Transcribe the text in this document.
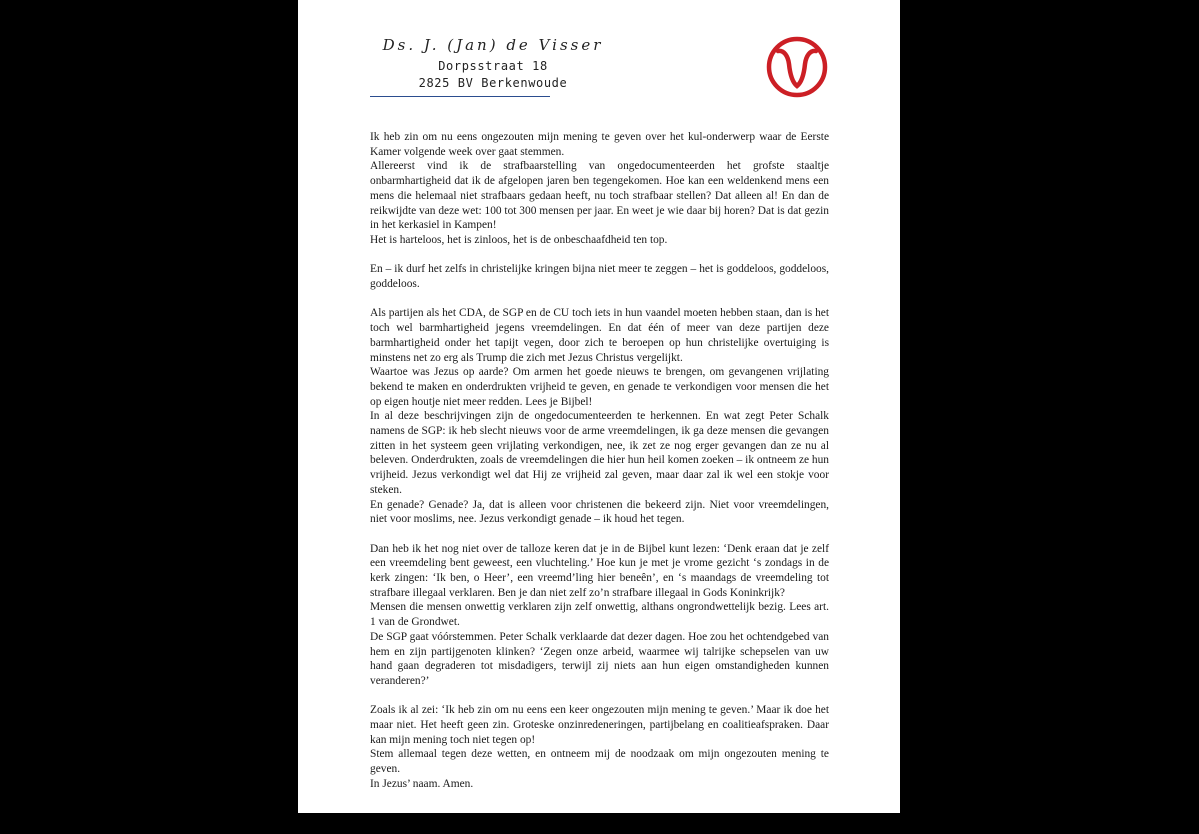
Ds. J. (Jan) de Visser
Dorpsstraat 18
2825 BV Berkenwoude

Ik heb zin om nu eens ongezouten mijn mening te geven over het kul-onderwerp waar de Eerste Kamer volgende week over gaat stemmen.

Allereerst vind ik de strafbaarstelling van ongedocumenteerden het grofste staaltje onbarmhartigheid dat ik de afgelopen jaren ben tegengekomen. Hoe kan een weldenkend mens een mens die helemaal niet strafbaars gedaan heeft, nu toch strafbaar stellen? Dat alleen al! En dan de reikwijdte van deze wet: 100 tot 300 mensen per jaar. En weet je wie daar bij horen? Dat is dat gezin in het kerkasiel in Kampen!

Het is harteloos, het is zinloos, het is de onbeschaafdheid ten top.

En – ik durf het zelfs in christelijke kringen bijna niet meer te zeggen – het is goddeloos, goddeloos, goddeloos.

Als partijen als het CDA, de SGP en de CU toch iets in hun vaandel moeten hebben staan, dan is het toch wel barmhartigheid jegens vreemdelingen. En dat één of meer van deze partijen deze barmhartigheid onder het tapijt vegen, door zich te beroepen op hun christelijke overtuiging is minstens net zo erg als Trump die zich met Jezus Christus vergelijkt.

Waartoe was Jezus op aarde? Om armen het goede nieuws te brengen, om gevangenen vrijlating bekend te maken en onderdrukten vrijheid te geven, en genade te verkondigen voor mensen die het op eigen houtje niet meer redden. Lees je Bijbel!

In al deze beschrijvingen zijn de ongedocumenteerden te herkennen. En wat zegt Peter Schalk namens de SGP: ik heb slecht nieuws voor de arme vreemdelingen, ik ga deze mensen die gevangen zitten in het systeem geen vrijlating verkondigen, nee, ik zet ze nog erger gevangen dan ze nu al beleven. Onderdrukten, zoals de vreemdelingen die hier hun heil komen zoeken – ik ontneem ze hun vrijheid. Jezus verkondigt wel dat Hij ze vrijheid zal geven, maar daar zal ik wel een stokje voor steken.

En genade? Genade? Ja, dat is alleen voor christenen die bekeerd zijn. Niet voor vreemdelingen, niet voor moslims, nee. Jezus verkondigt genade – ik houd het tegen.

Dan heb ik het nog niet over de talloze keren dat je in de Bijbel kunt lezen: ‘Denk eraan dat je zelf een vreemdeling bent geweest, een vluchteling.’ Hoe kun je met je vrome gezicht ‘s zondags in de kerk zingen: ‘Ik ben, o Heer’, een vreemd’ling hier beneên’, en ‘s maandags de vreemdeling tot strafbare illegaal verklaren. Ben je dan niet zelf zo’n strafbare illegaal in Gods Koninkrijk?

Mensen die mensen onwettig verklaren zijn zelf onwettig, althans ongrondwettelijk bezig. Lees art. 1 van de Grondwet.

De SGP gaat vóórstemmen. Peter Schalk verklaarde dat dezer dagen. Hoe zou het ochtendgebed van hem en zijn partijgenoten klinken? ‘Zegen onze arbeid, waarmee wij talrijke schepselen van uw hand gaan degraderen tot misdadigers, terwijl zij niets aan hun eigen omstandigheden kunnen veranderen?’

Zoals ik al zei: ‘Ik heb zin om nu eens een keer ongezouten mijn mening te geven.’ Maar ik doe het maar niet. Het heeft geen zin. Groteske onzinredeneringen, partijbelang en coalitieafspraken. Daar kan mijn mening toch niet tegen op!

Stem allemaal tegen deze wetten, en ontneem mij de noodzaak om mijn ongezouten mening te geven.

In Jezus’ naam. Amen.
